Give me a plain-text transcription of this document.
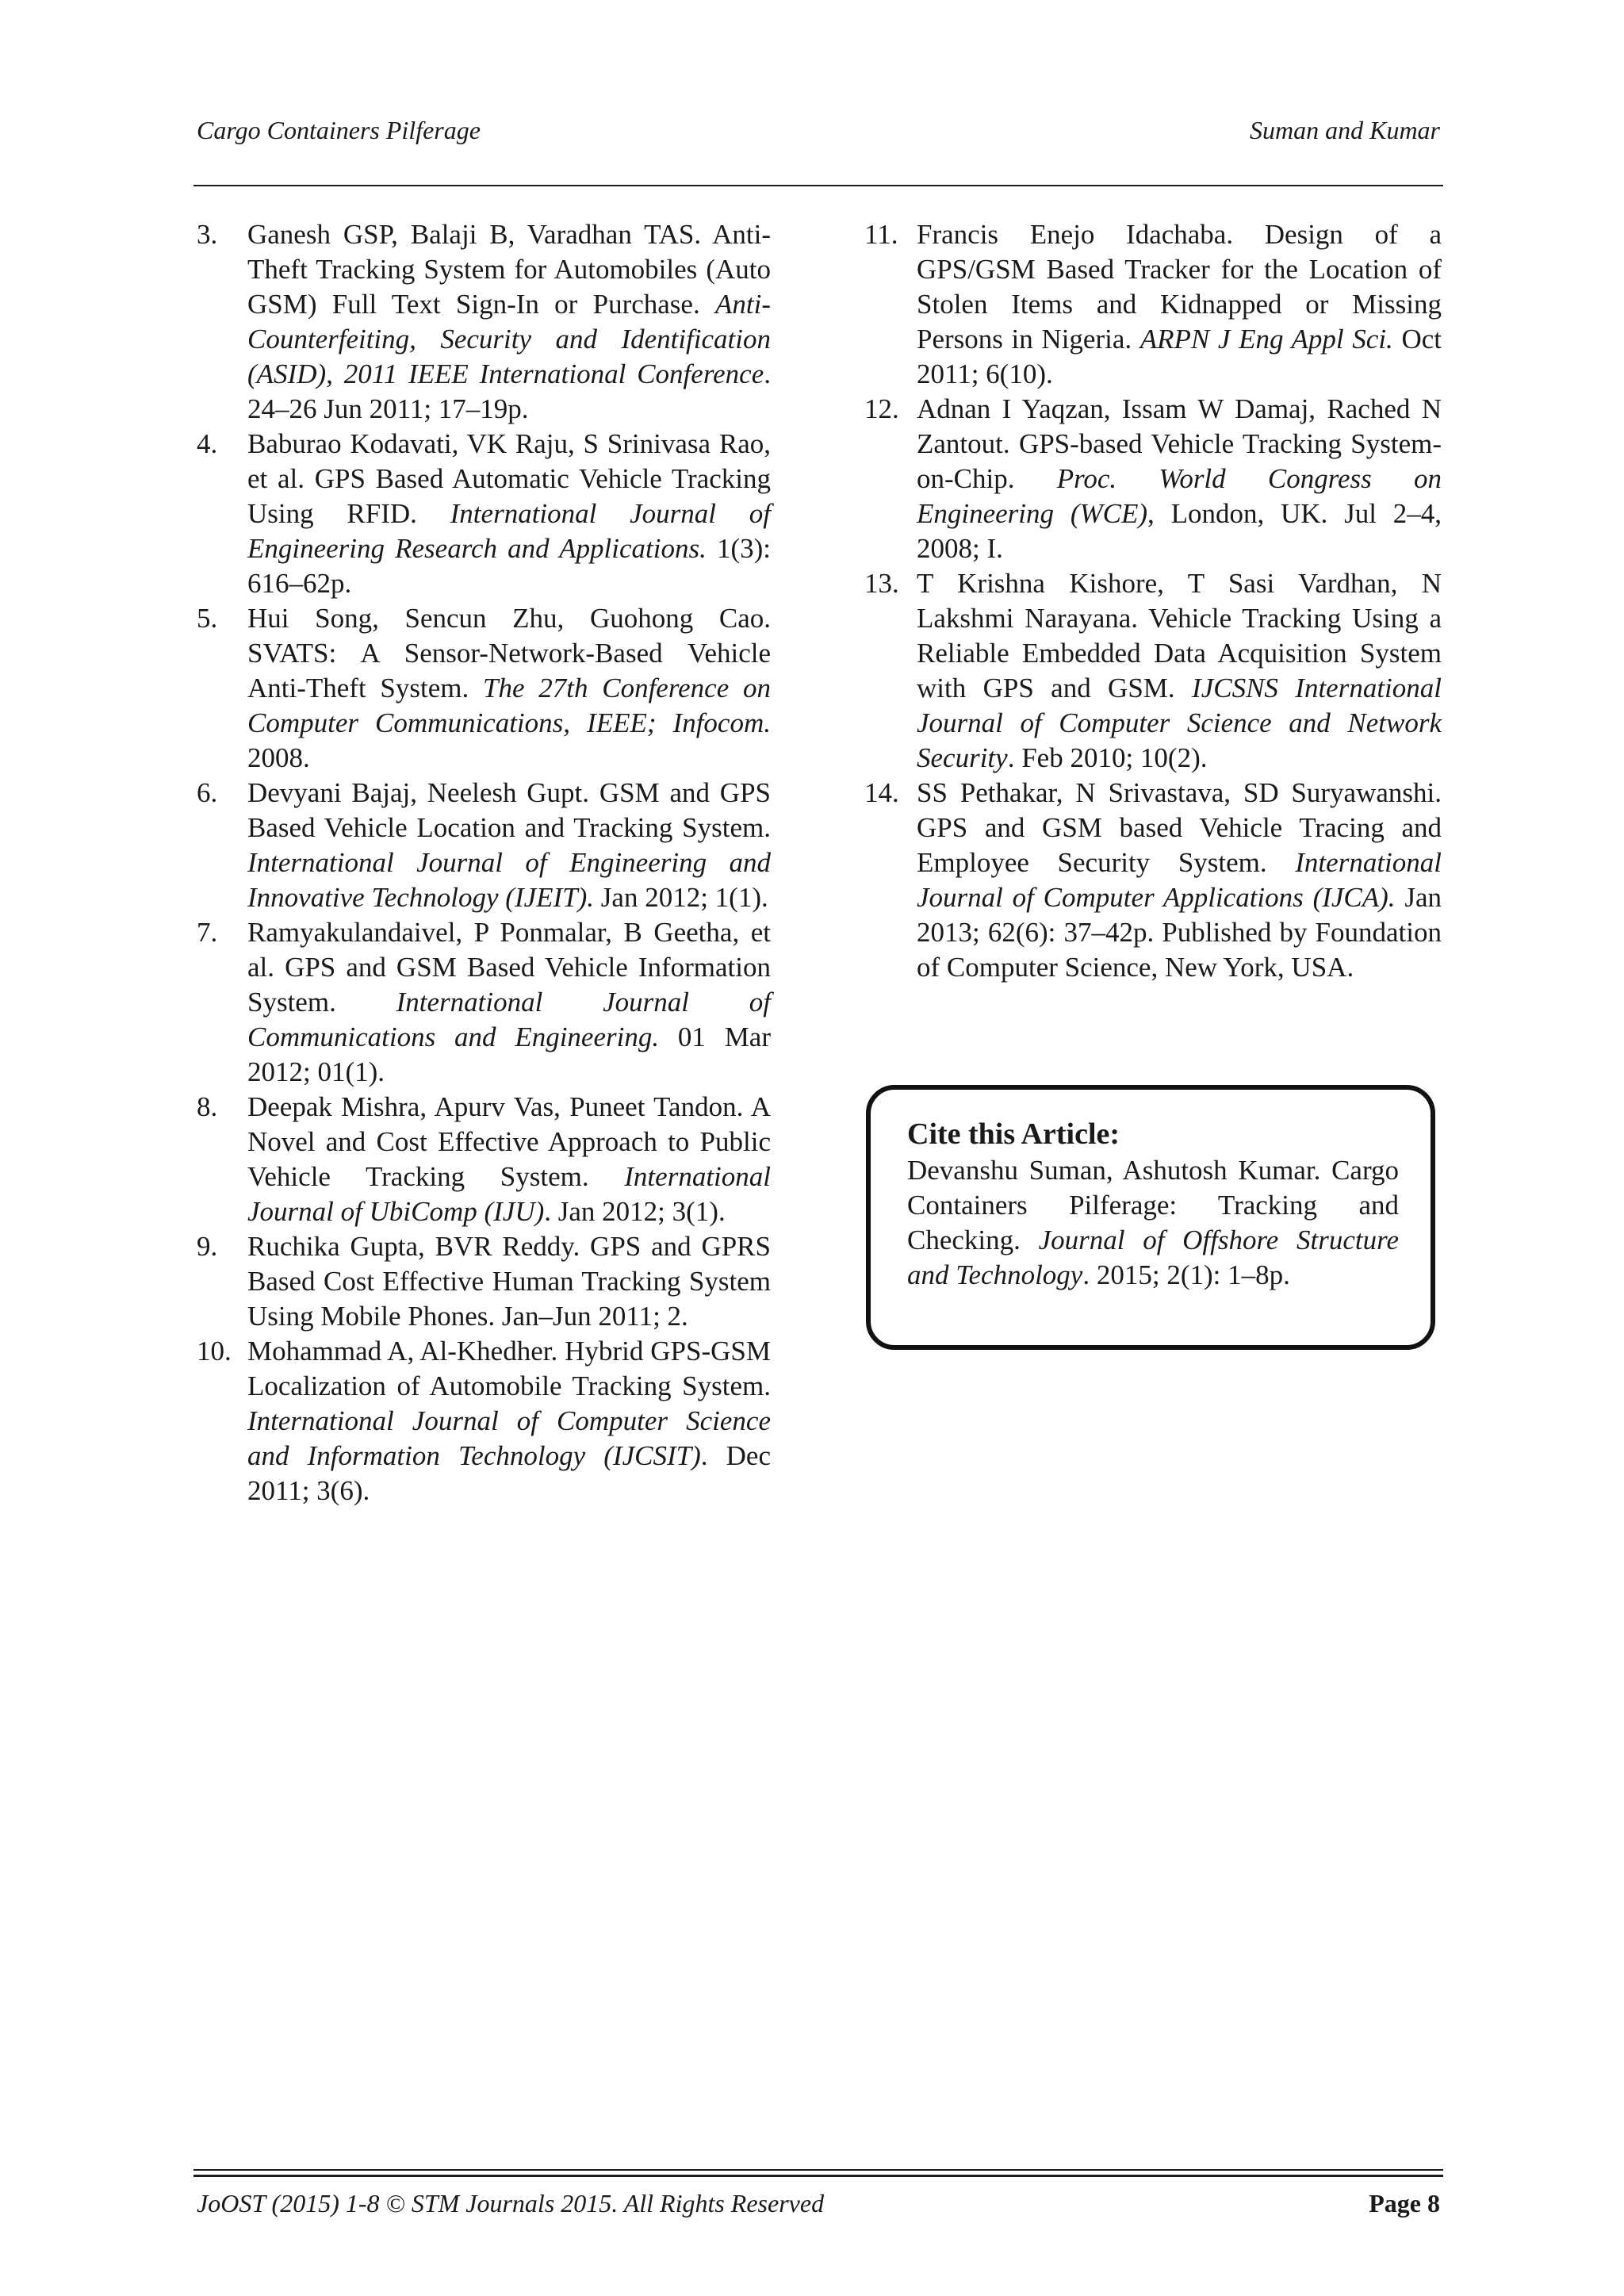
Cargo Containers Pilferage	Suman and Kumar
3. Ganesh GSP, Balaji B, Varadhan TAS. Anti-Theft Tracking System for Automobiles (Auto GSM) Full Text Sign-In or Purchase. Anti-Counterfeiting, Security and Identification (ASID), 2011 IEEE International Conference. 24–26 Jun 2011; 17–19p.
4. Baburao Kodavati, VK Raju, S Srinivasa Rao, et al. GPS Based Automatic Vehicle Tracking Using RFID. International Journal of Engineering Research and Applications. 1(3): 616–62p.
5. Hui Song, Sencun Zhu, Guohong Cao. SVATS: A Sensor-Network-Based Vehicle Anti-Theft System. The 27th Conference on Computer Communications, IEEE; Infocom. 2008.
6. Devyani Bajaj, Neelesh Gupt. GSM and GPS Based Vehicle Location and Tracking System. International Journal of Engineering and Innovative Technology (IJEIT). Jan 2012; 1(1).
7. Ramyakulandaivel, P Ponmalar, B Geetha, et al. GPS and GSM Based Vehicle Information System. International Journal of Communications and Engineering. 01 Mar 2012; 01(1).
8. Deepak Mishra, Apurv Vas, Puneet Tandon. A Novel and Cost Effective Approach to Public Vehicle Tracking System. International Journal of UbiComp (IJU). Jan 2012; 3(1).
9. Ruchika Gupta, BVR Reddy. GPS and GPRS Based Cost Effective Human Tracking System Using Mobile Phones. Jan–Jun 2011; 2.
10. Mohammad A, Al-Khedher. Hybrid GPS-GSM Localization of Automobile Tracking System. International Journal of Computer Science and Information Technology (IJCSIT). Dec 2011; 3(6).
11. Francis Enejo Idachaba. Design of a GPS/GSM Based Tracker for the Location of Stolen Items and Kidnapped or Missing Persons in Nigeria. ARPN J Eng Appl Sci. Oct 2011; 6(10).
12. Adnan I Yaqzan, Issam W Damaj, Rached N Zantout. GPS-based Vehicle Tracking System-on-Chip. Proc. World Congress on Engineering (WCE), London, UK. Jul 2–4, 2008; I.
13. T Krishna Kishore, T Sasi Vardhan, N Lakshmi Narayana. Vehicle Tracking Using a Reliable Embedded Data Acquisition System with GPS and GSM. IJCSNS International Journal of Computer Science and Network Security. Feb 2010; 10(2).
14. SS Pethakar, N Srivastava, SD Suryawanshi. GPS and GSM based Vehicle Tracing and Employee Security System. International Journal of Computer Applications (IJCA). Jan 2013; 62(6): 37–42p. Published by Foundation of Computer Science, New York, USA.
Cite this Article:
Devanshu Suman, Ashutosh Kumar. Cargo Containers Pilferage: Tracking and Checking. Journal of Offshore Structure and Technology. 2015; 2(1): 1–8p.
JoOST (2015) 1-8 © STM Journals 2015. All Rights Reserved	Page 8
